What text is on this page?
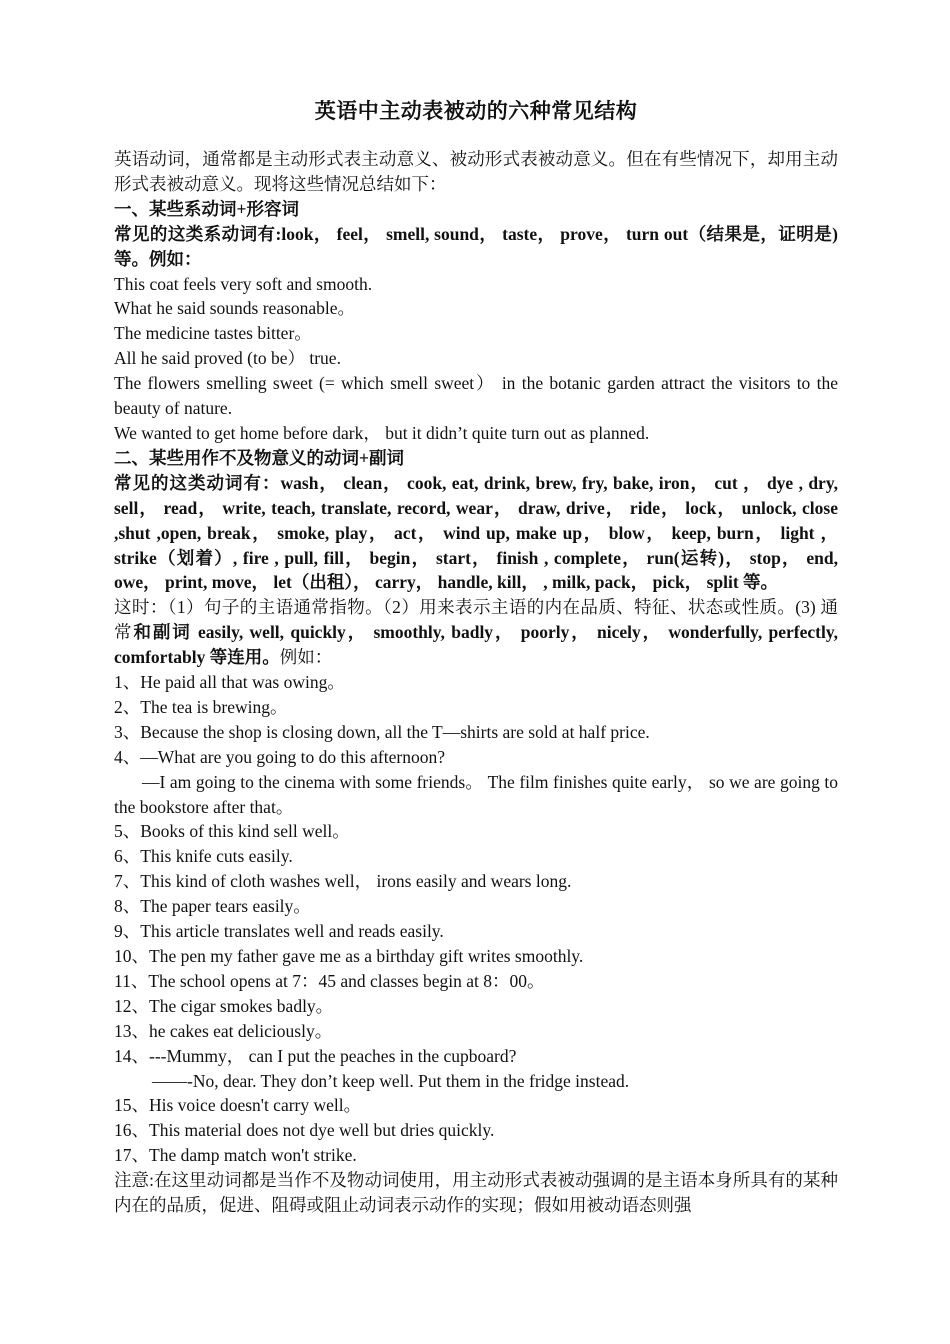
英语中主动表被动的六种常见结构

英语动词，通常都是主动形式表主动意义、被动形式表被动意义。但在有些情况下，却用主动形式表被动意义。现将这些情况总结如下：

一、某些系动词+形容词

常见的这类系动词有:look， feel， smell, sound， taste， prove， turn out（结果是，证明是)等。例如：

This coat feels very soft and smooth.

What he said sounds reasonable。

The medicine tastes bitter。

All he said proved (to be） true.

The flowers smelling sweet (= which smell sweet） in the botanic garden attract the visitors to the beauty of nature.

We wanted to get home before dark， but it didn’t quite turn out as planned.

二、某些用作不及物意义的动词+副词

常见的这类动词有：wash， clean， cook, eat, drink, brew, fry, bake, iron， cut ， dye , dry, sell， read， write, teach, translate, record, wear， draw, drive， ride， lock， unlock, close ,shut ,open, break， smoke, play， act， wind up, make up， blow， keep, burn， light ， strike（划着）, fire , pull, fill， begin， start， finish , complete， run(运转)， stop， end, owe， print, move， let（出租）， carry， handle, kill， , milk, pack， pick， split 等。

这时：（1）句子的主语通常指物。（2）用来表示主语的内在品质、特征、状态或性质。(3) 通常和副词 easily, well, quickly， smoothly, badly， poorly， nicely， wonderfully, perfectly, comfortably 等连用。例如：

1、He paid all that was owing。

2、The tea is brewing。

3、Because the shop is closing down, all the T—shirts are sold at half price.

4、—What are you going to do this afternoon?

—I am going to the cinema with some friends。 The film finishes quite early， so we are going to the bookstore after that。

5、Books of this kind sell well。

6、This knife cuts easily.

7、This kind of cloth washes well， irons easily and wears long.

8、The paper tears easily。

9、This article translates well and reads easily.

10、The pen my father gave me as a birthday gift writes smoothly.

11、The school opens at 7：45 and classes begin at 8：00。

12、The cigar smokes badly。

13、he cakes eat deliciously。

14、---Mummy， can I put the peaches in the cupboard?

——-No, dear. They don’t keep well. Put them in the fridge instead.

15、His voice doesn't carry well。

16、This material does not dye well but dries quickly.

17、The damp match won't strike.

注意:在这里动词都是当作不及物动词使用，用主动形式表被动强调的是主语本身所具有的某种内在的品质，促进、阻碍或阻止动词表示动作的实现；假如用被动语态则强
